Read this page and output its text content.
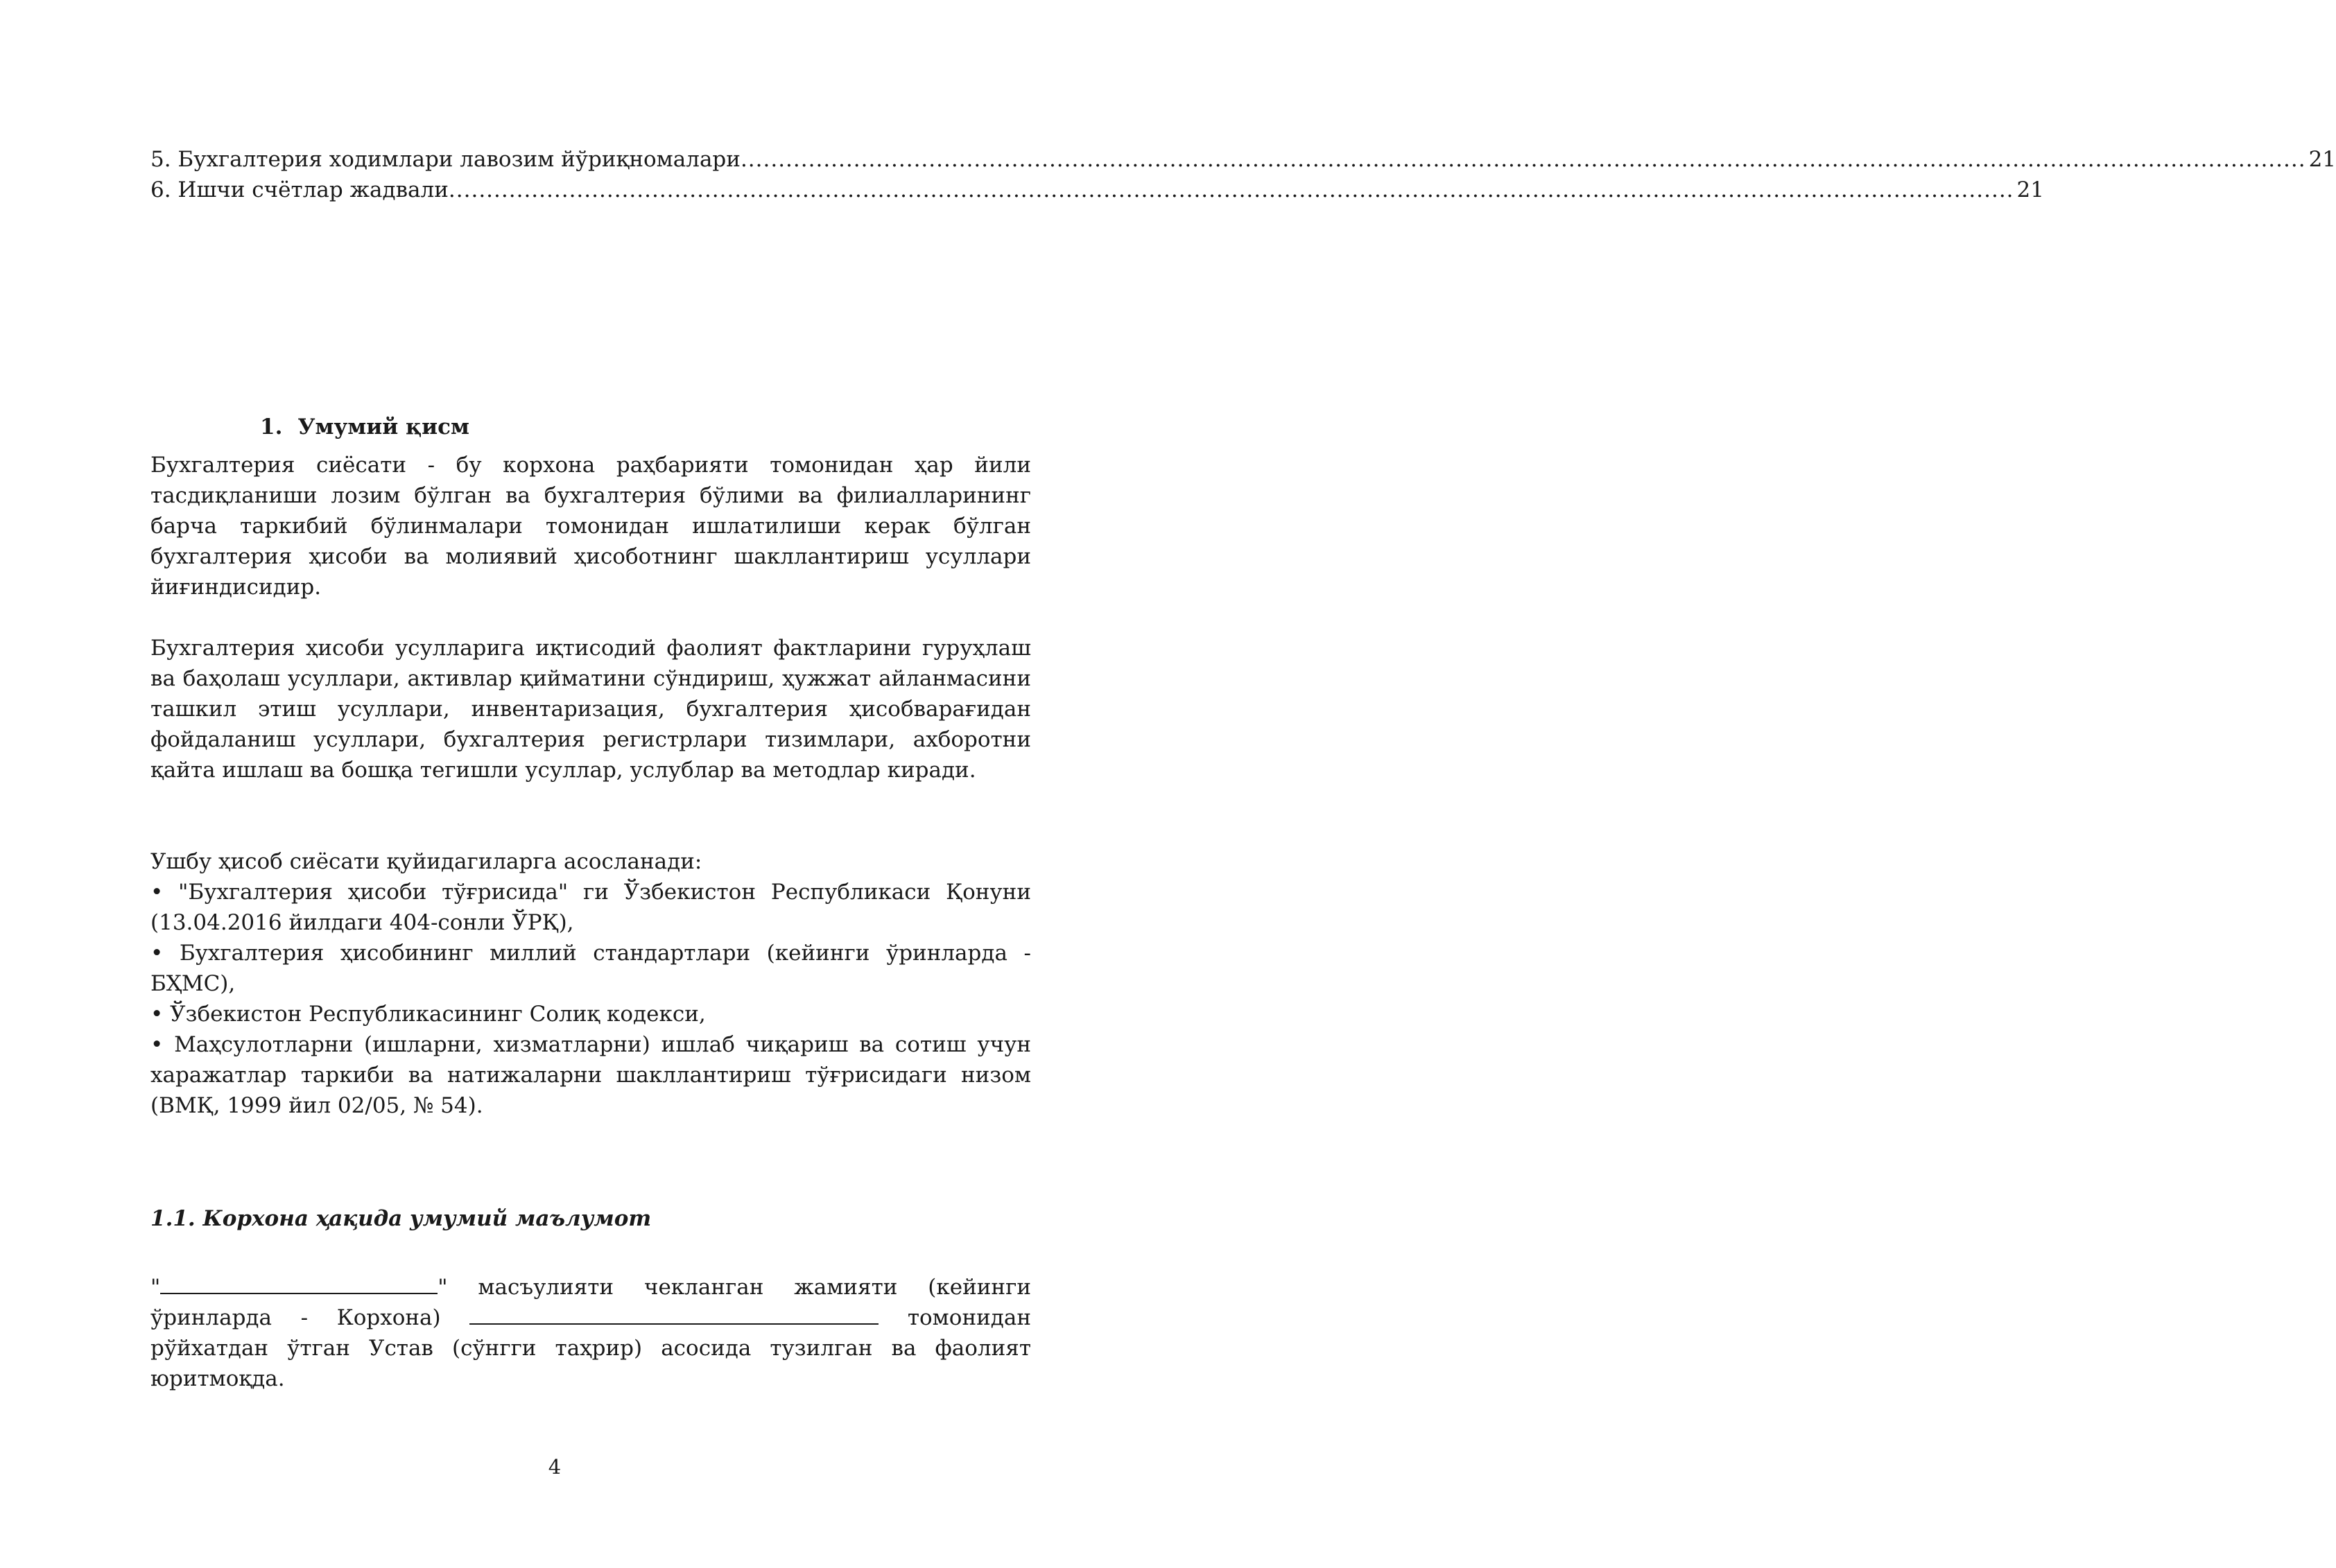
5. Бухгалтерия ходимлари лавозим йўриқномалари ................................................................................................................................................................................................................ 21
6. Ишчи счётлар жадвали ................................................................................................................................................................................................................ 21
1. Умумий қисм

Бухгалтерия сиёсати - бу корхона раҳбарияти томонидан ҳар йили тасдиқланиши лозим бўлган ва бухгалтерия бўлими ва филиалларининг барча таркибий бўлинмалари томонидан ишлатилиши керак бўлган бухгалтерия ҳисоби ва молиявий ҳисоботнинг шакллантириш усуллари йиғиндисидир.

Бухгалтерия ҳисоби усулларига иқтисодий фаолият фактларини гуруҳлаш ва баҳолаш усуллари, активлар қийматини сўндириш, ҳужжат айланмасини ташкил этиш усуллари, инвентаризация, бухгалтерия ҳисобварағидан фойдаланиш усуллари, бухгалтерия регистрлари тизимлари, ахборотни қайта ишлаш ва бошқа тегишли усуллар, услублар ва методлар киради.

Ушбу ҳисоб сиёсати қуйидагиларга асосланади:
• "Бухгалтерия ҳисоби тўғрисида" ги Ўзбекистон Республикаси Қонуни (13.04.2016 йилдаги 404-сонли ЎРҚ),
• Бухгалтерия ҳисобининг миллий стандартлари (кейинги ўринларда - БҲМС),
• Ўзбекистон Республикасининг Солиқ кодекси,
• Маҳсулотларни (ишларни, хизматларни) ишлаб чиқариш ва сотиш учун харажатлар таркиби ва натижаларни шакллантириш тўғрисидаги низом (ВМҚ, 1999 йил 02/05, № 54).
1.1. Корхона ҳақида умумий маълумот

"	" масъулияти чекланган жамияти (кейинги ўринларда - Корхона)	томонидан рўйхатдан ўтган Устав (сўнгги таҳрир) асосида тузилган ва фаолият юритмоқда.

4
